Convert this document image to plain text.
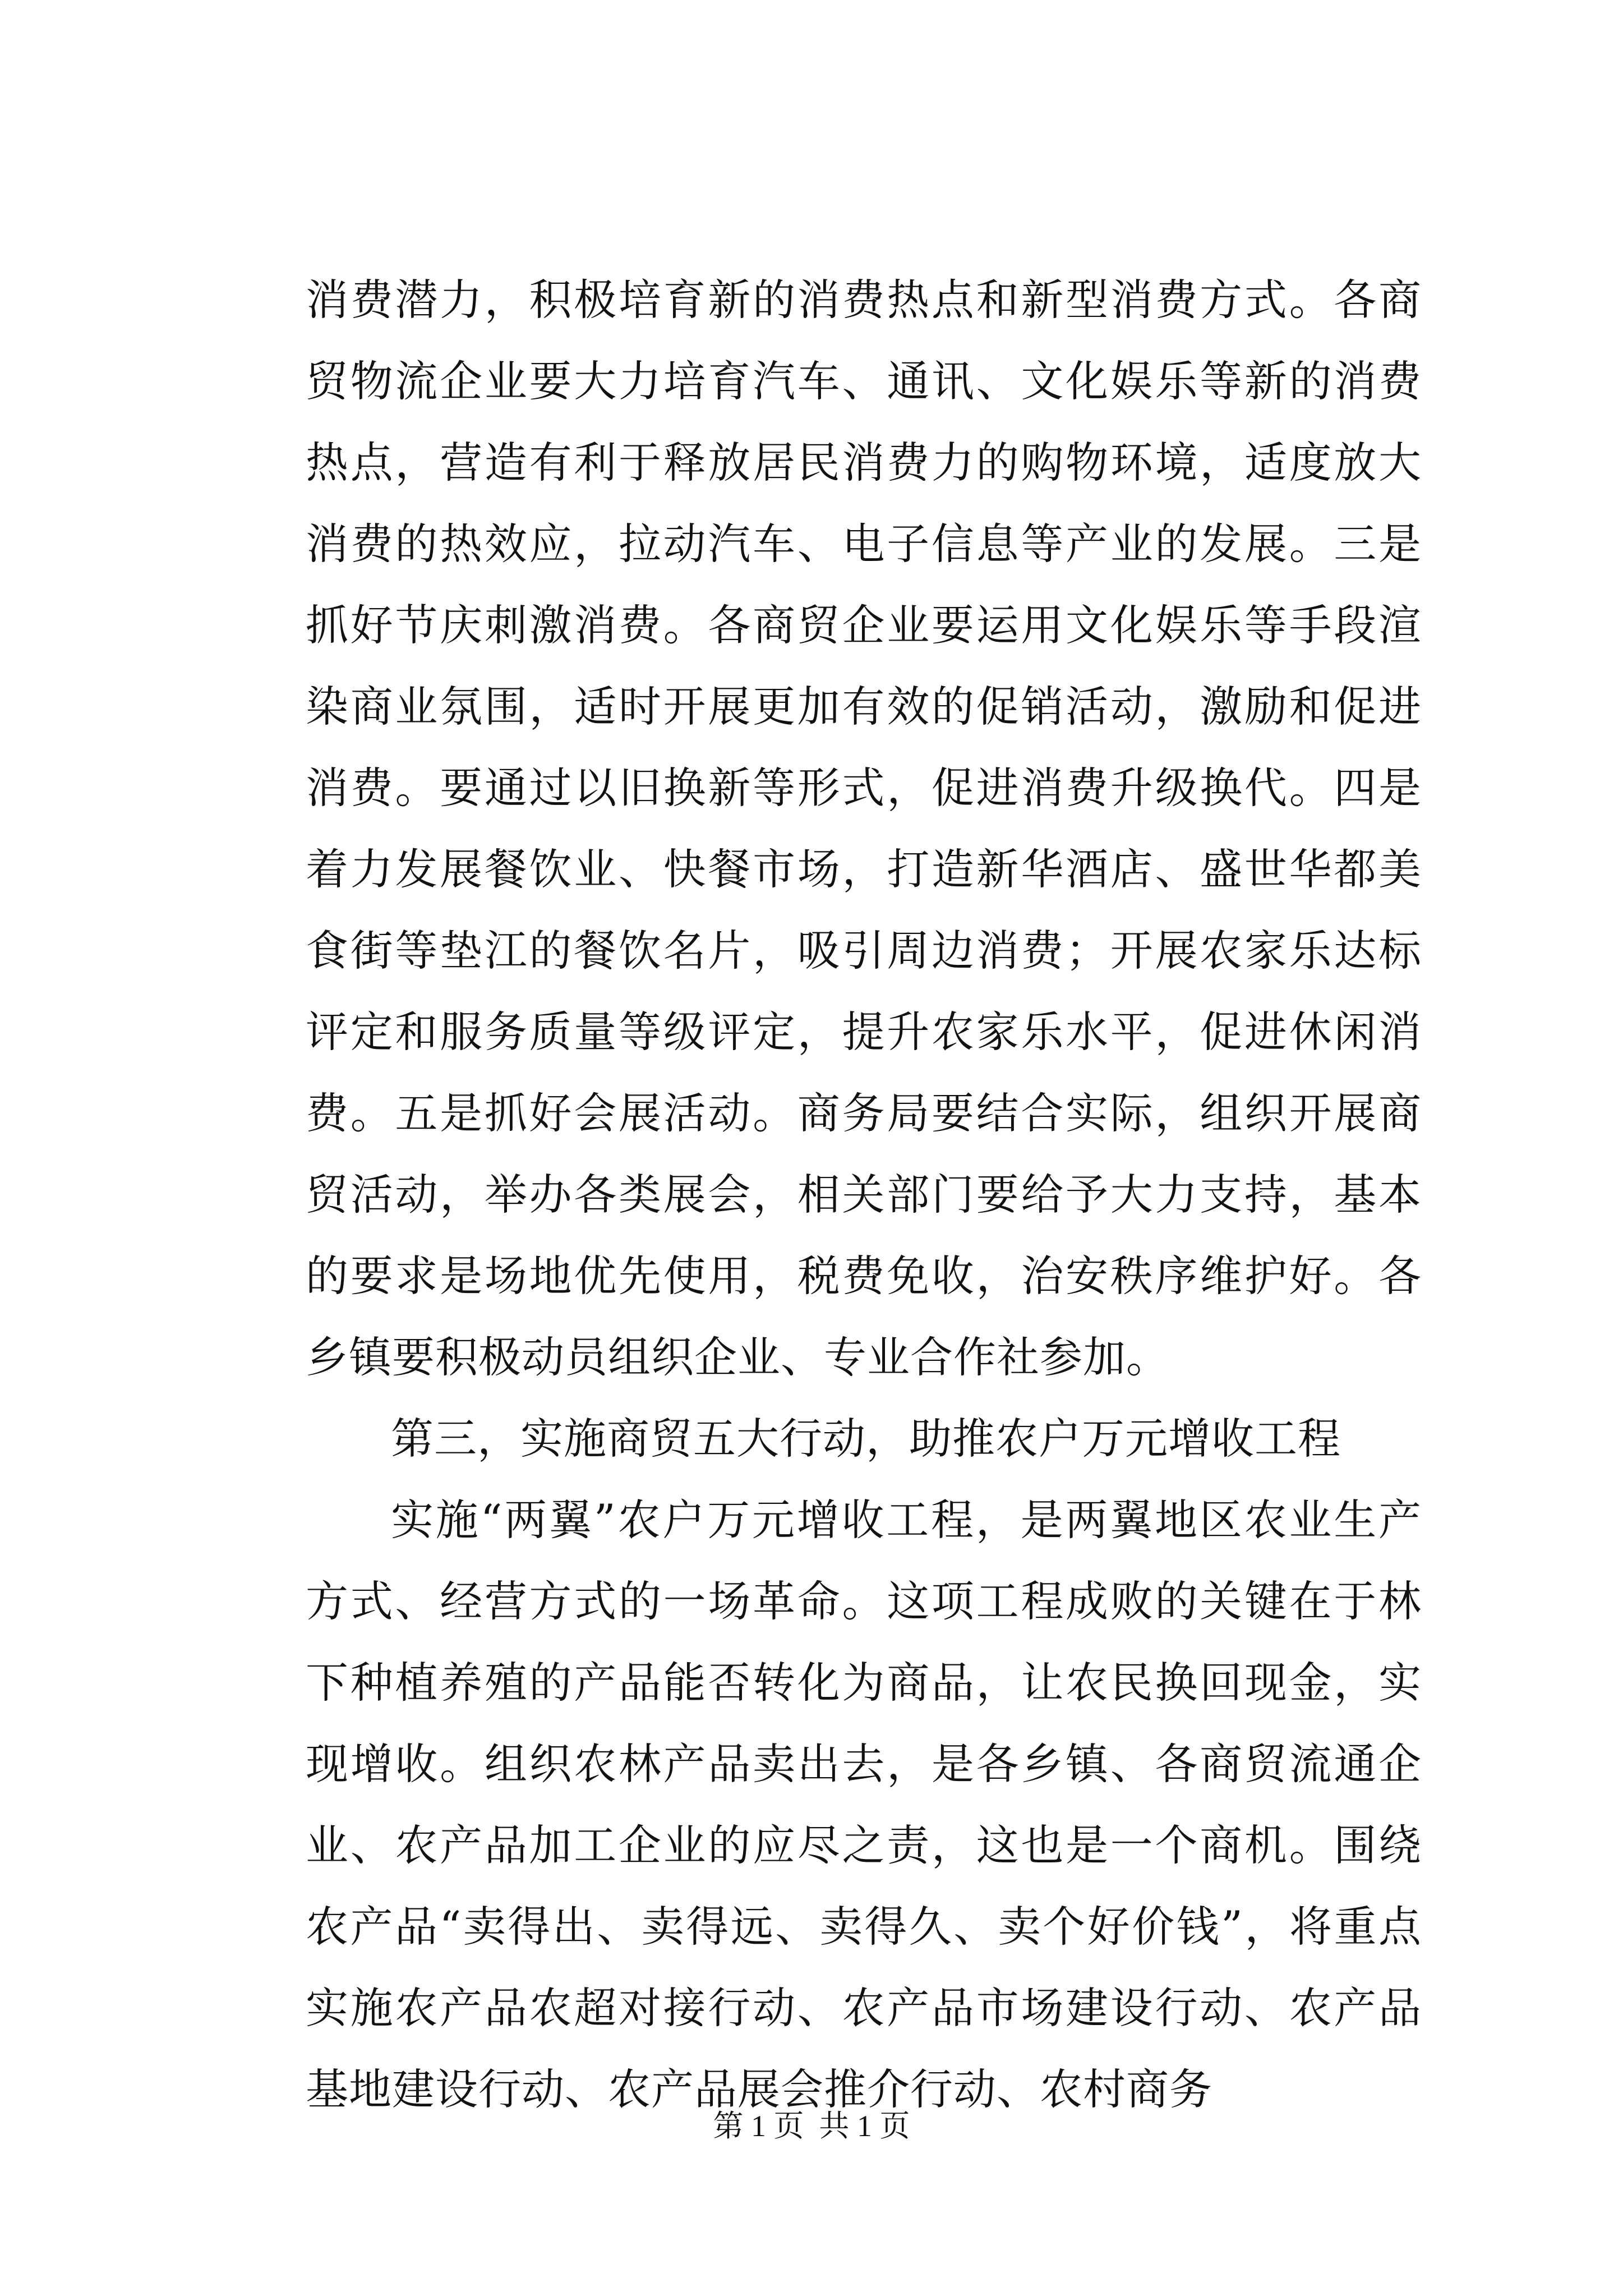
消费潜力，积极培育新的消费热点和新型消费方式。各商贸物流企业要大力培育汽车、通讯、文化娱乐等新的消费热点，营造有利于释放居民消费力的购物环境，适度放大消费的热效应，拉动汽车、电子信息等产业的发展。三是抓好节庆刺激消费。各商贸企业要运用文化娱乐等手段渲染商业氛围，适时开展更加有效的促销活动，激励和促进消费。要通过以旧换新等形式，促进消费升级换代。四是着力发展餐饮业、快餐市场，打造新华酒店、盛世华都美食街等垫江的餐饮名片，吸引周边消费；开展农家乐达标评定和服务质量等级评定，提升农家乐水平，促进休闲消费。五是抓好会展活动。商务局要结合实际，组织开展商贸活动，举办各类展会，相关部门要给予大力支持，基本的要求是场地优先使用，税费免收，治安秩序维护好。各乡镇要积极动员组织企业、专业合作社参加。

第三，实施商贸五大行动，助推农户万元增收工程

实施“两翼”农户万元增收工程，是两翼地区农业生产方式、经营方式的一场革命。这项工程成败的关键在于林下种植养殖的产品能否转化为商品，让农民换回现金，实现增收。组织农林产品卖出去，是各乡镇、各商贸流通企业、农产品加工企业的应尽之责，这也是一个商机。围绕农产品“卖得出、卖得远、卖得久、卖个好价钱”，将重点实施农产品农超对接行动、农产品市场建设行动、农产品基地建设行动、农产品展会推介行动、农村商务

第 1 页  共 1 页
